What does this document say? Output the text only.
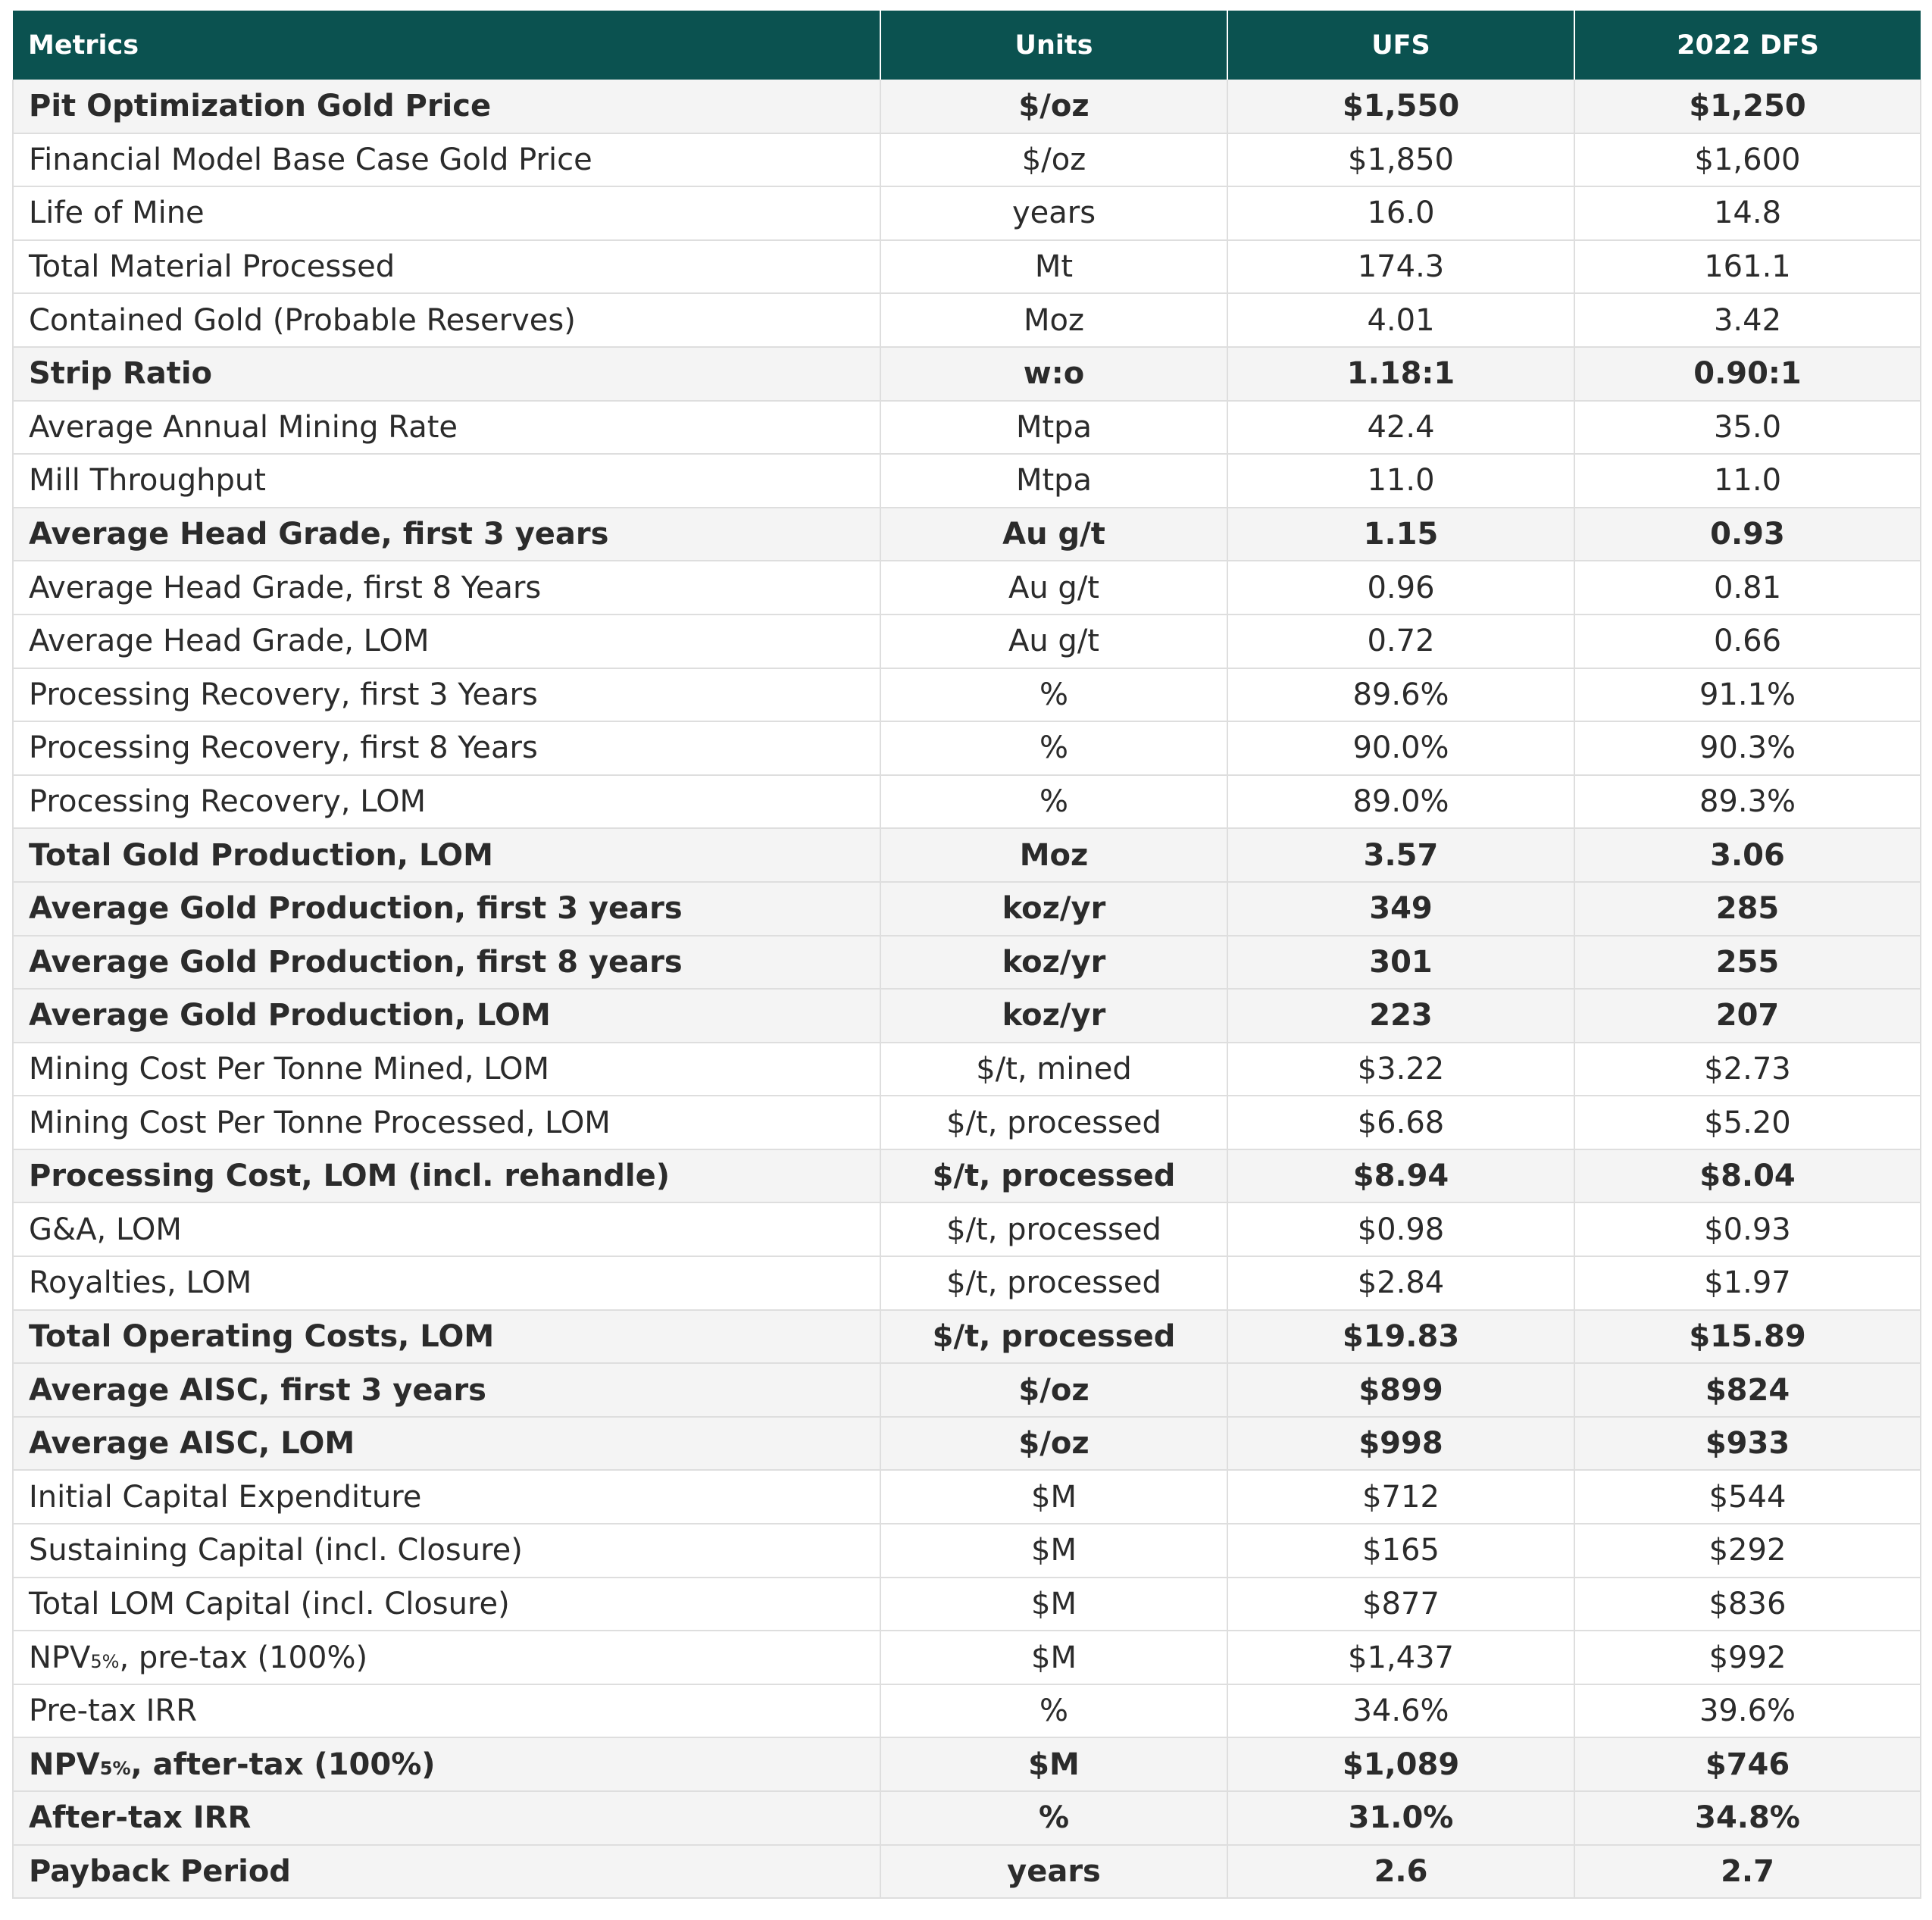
Metrics	Units	UFS	2022 DFS
Pit Optimization Gold Price	$/oz	$1,550	$1,250
Financial Model Base Case Gold Price	$/oz	$1,850	$1,600
Life of Mine	years	16.0	14.8
Total Material Processed	Mt	174.3	161.1
Contained Gold (Probable Reserves)	Moz	4.01	3.42
Strip Ratio	w:o	1.18:1	0.90:1
Average Annual Mining Rate	Mtpa	42.4	35.0
Mill Throughput	Mtpa	11.0	11.0
Average Head Grade, first 3 years	Au g/t	1.15	0.93
Average Head Grade, first 8 Years	Au g/t	0.96	0.81
Average Head Grade, LOM	Au g/t	0.72	0.66
Processing Recovery, first 3 Years	%	89.6%	91.1%
Processing Recovery, first 8 Years	%	90.0%	90.3%
Processing Recovery, LOM	%	89.0%	89.3%
Total Gold Production, LOM	Moz	3.57	3.06
Average Gold Production, first 3 years	koz/yr	349	285
Average Gold Production, first 8 years	koz/yr	301	255
Average Gold Production, LOM	koz/yr	223	207
Mining Cost Per Tonne Mined, LOM	$/t, mined	$3.22	$2.73
Mining Cost Per Tonne Processed, LOM	$/t, processed	$6.68	$5.20
Processing Cost, LOM (incl. rehandle)	$/t, processed	$8.94	$8.04
G&A, LOM	$/t, processed	$0.98	$0.93
Royalties, LOM	$/t, processed	$2.84	$1.97
Total Operating Costs, LOM	$/t, processed	$19.83	$15.89
Average AISC, first 3 years	$/oz	$899	$824
Average AISC, LOM	$/oz	$998	$933
Initial Capital Expenditure	$M	$712	$544
Sustaining Capital (incl. Closure)	$M	$165	$292
Total LOM Capital (incl. Closure)	$M	$877	$836
NPV5%, pre-tax (100%)	$M	$1,437	$992
Pre-tax IRR	%	34.6%	39.6%
NPV5%, after-tax (100%)	$M	$1,089	$746
After-tax IRR	%	31.0%	34.8%
Payback Period	years	2.6	2.7
